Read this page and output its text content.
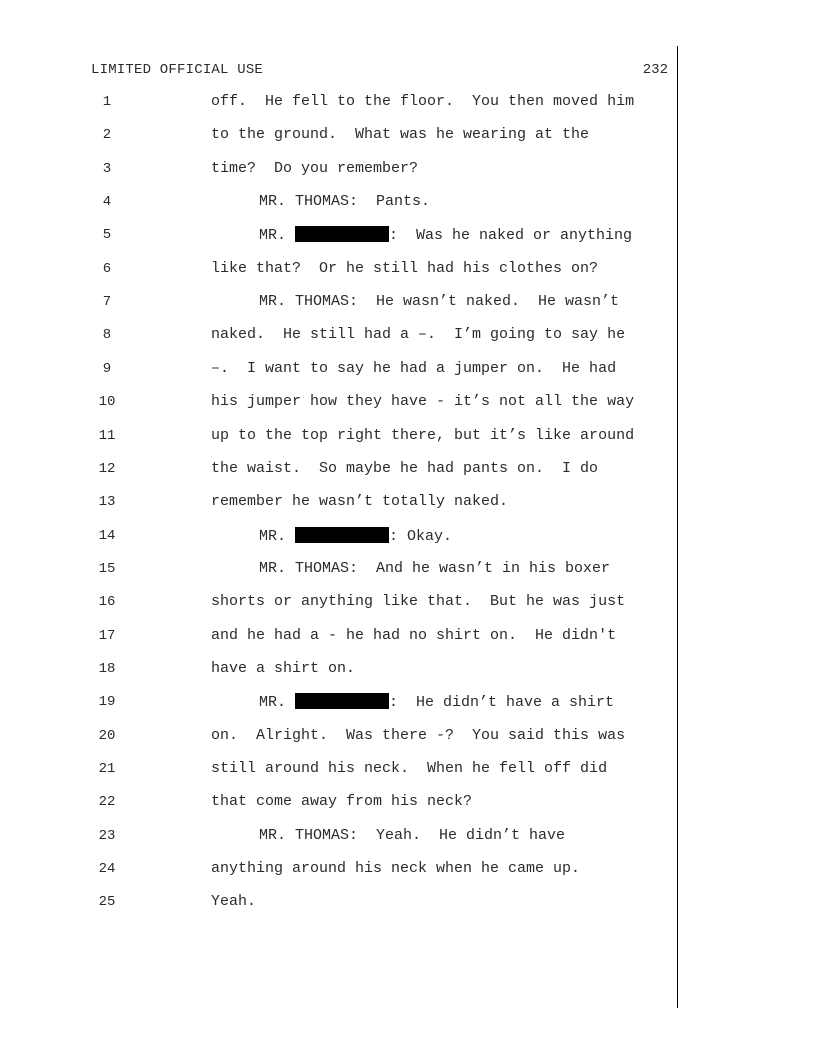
LIMITED OFFICIAL USE	232
1	off.  He fell to the floor.  You then moved him
2	to the ground.  What was he wearing at the
3	time?  Do you remember?
4	MR. THOMAS:  Pants.
5	MR.	:  Was he naked or anything
6	like that?  Or he still had his clothes on?
7	MR. THOMAS:  He wasn’t naked.  He wasn’t
8	naked.  He still had a –.  I’m going to say he
9	–.  I want to say he had a jumper on.  He had
10	his jumper how they have - it’s not all the way
11	up to the top right there, but it’s like around
12	the waist.  So maybe he had pants on.  I do
13	remember he wasn’t totally naked.
14	MR.	: Okay.
15	MR. THOMAS:  And he wasn’t in his boxer
16	shorts or anything like that.  But he was just
17	and he had a - he had no shirt on.  He didn't
18	have a shirt on.
19	MR.	:  He didn’t have a shirt
20	on.  Alright.  Was there -?  You said this was
21	still around his neck.  When he fell off did
22	that come away from his neck?
23	MR. THOMAS:  Yeah.  He didn’t have
24	anything around his neck when he came up.
25	Yeah.
